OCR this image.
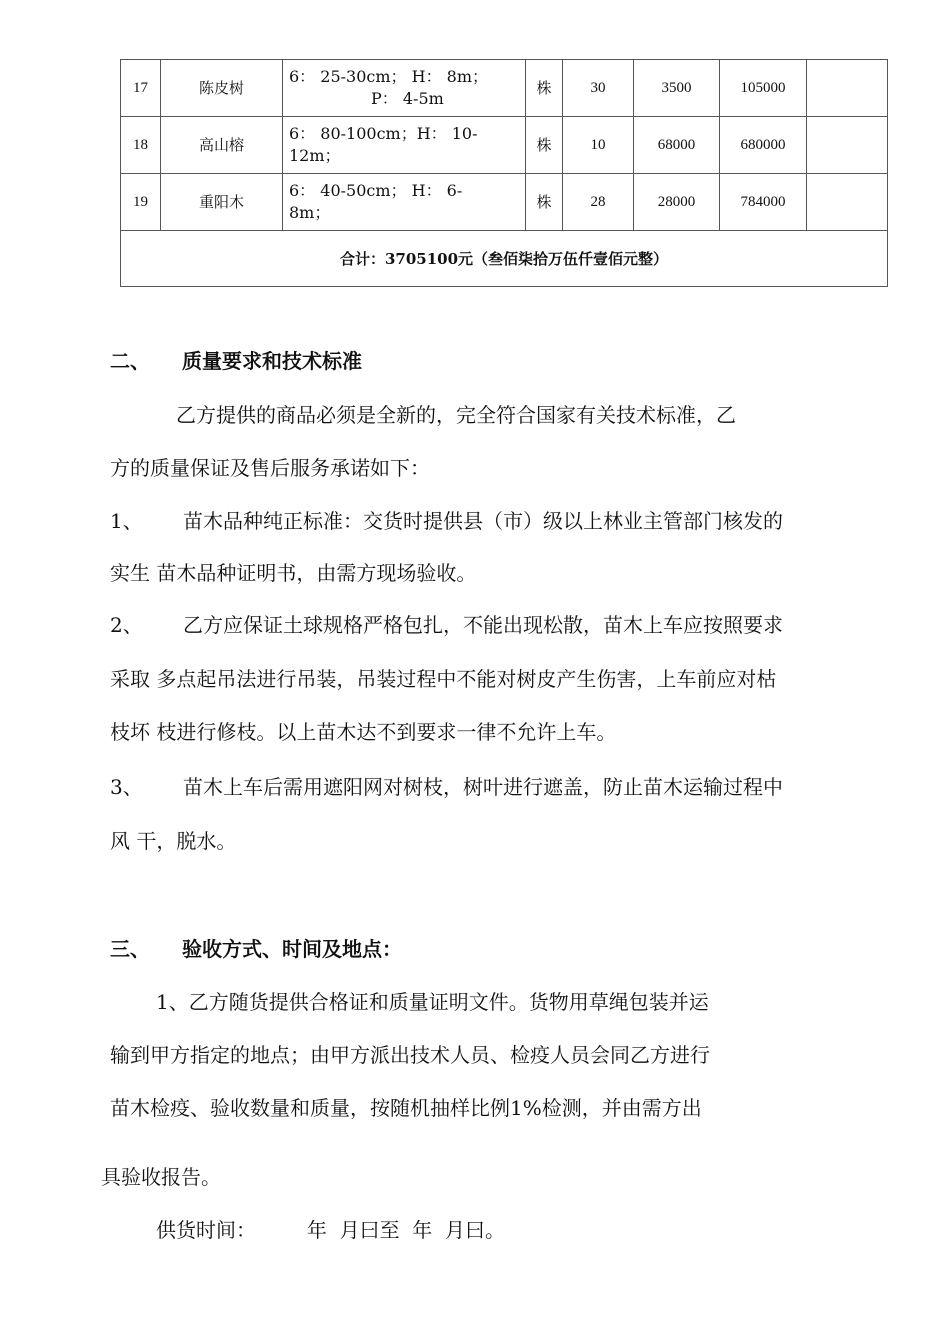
17	陈皮树	6： 25-30cm； H： 8m；
P： 4-5m	株	30	3500	105000	
18	高山榕	6： 80-100cm；H： 10-
12m；	株	10	68000	680000	
19	重阳木	6： 40-50cm； H： 6-
8m；	株	28	28000	784000	
合计：3705100元（叁佰柒拾万伍仟壹佰元整）							
二、 质量要求和技术标准
乙方提供的商品必须是全新的，完全符合国家有关技术标准，乙
方的质量保证及售后服务承诺如下：
1、 苗木品种纯正标准：交货时提供县（市）级以上林业主管部门核发的
实生 苗木品种证明书，由需方现场验收。
2、 乙方应保证土球规格严格包扎，不能出现松散，苗木上车应按照要求
采取 多点起吊法进行吊装，吊装过程中不能对树皮产生伤害，上车前应对枯
枝坏 枝进行修枝。以上苗木达不到要求一律不允许上车。
3、 苗木上车后需用遮阳网对树枝，树叶进行遮盖，防止苗木运输过程中
风 干，脱水。
三、 验收方式、时间及地点：
1、乙方随货提供合格证和质量证明文件。货物用草绳包装并运
输到甲方指定的地点；由甲方派出技术人员、检疫人员会同乙方进行
苗木检疫、验收数量和质量，按随机抽样比例1%检测，并由需方出
具验收报告。
供货时间：        年  月曰至  年  月曰。
